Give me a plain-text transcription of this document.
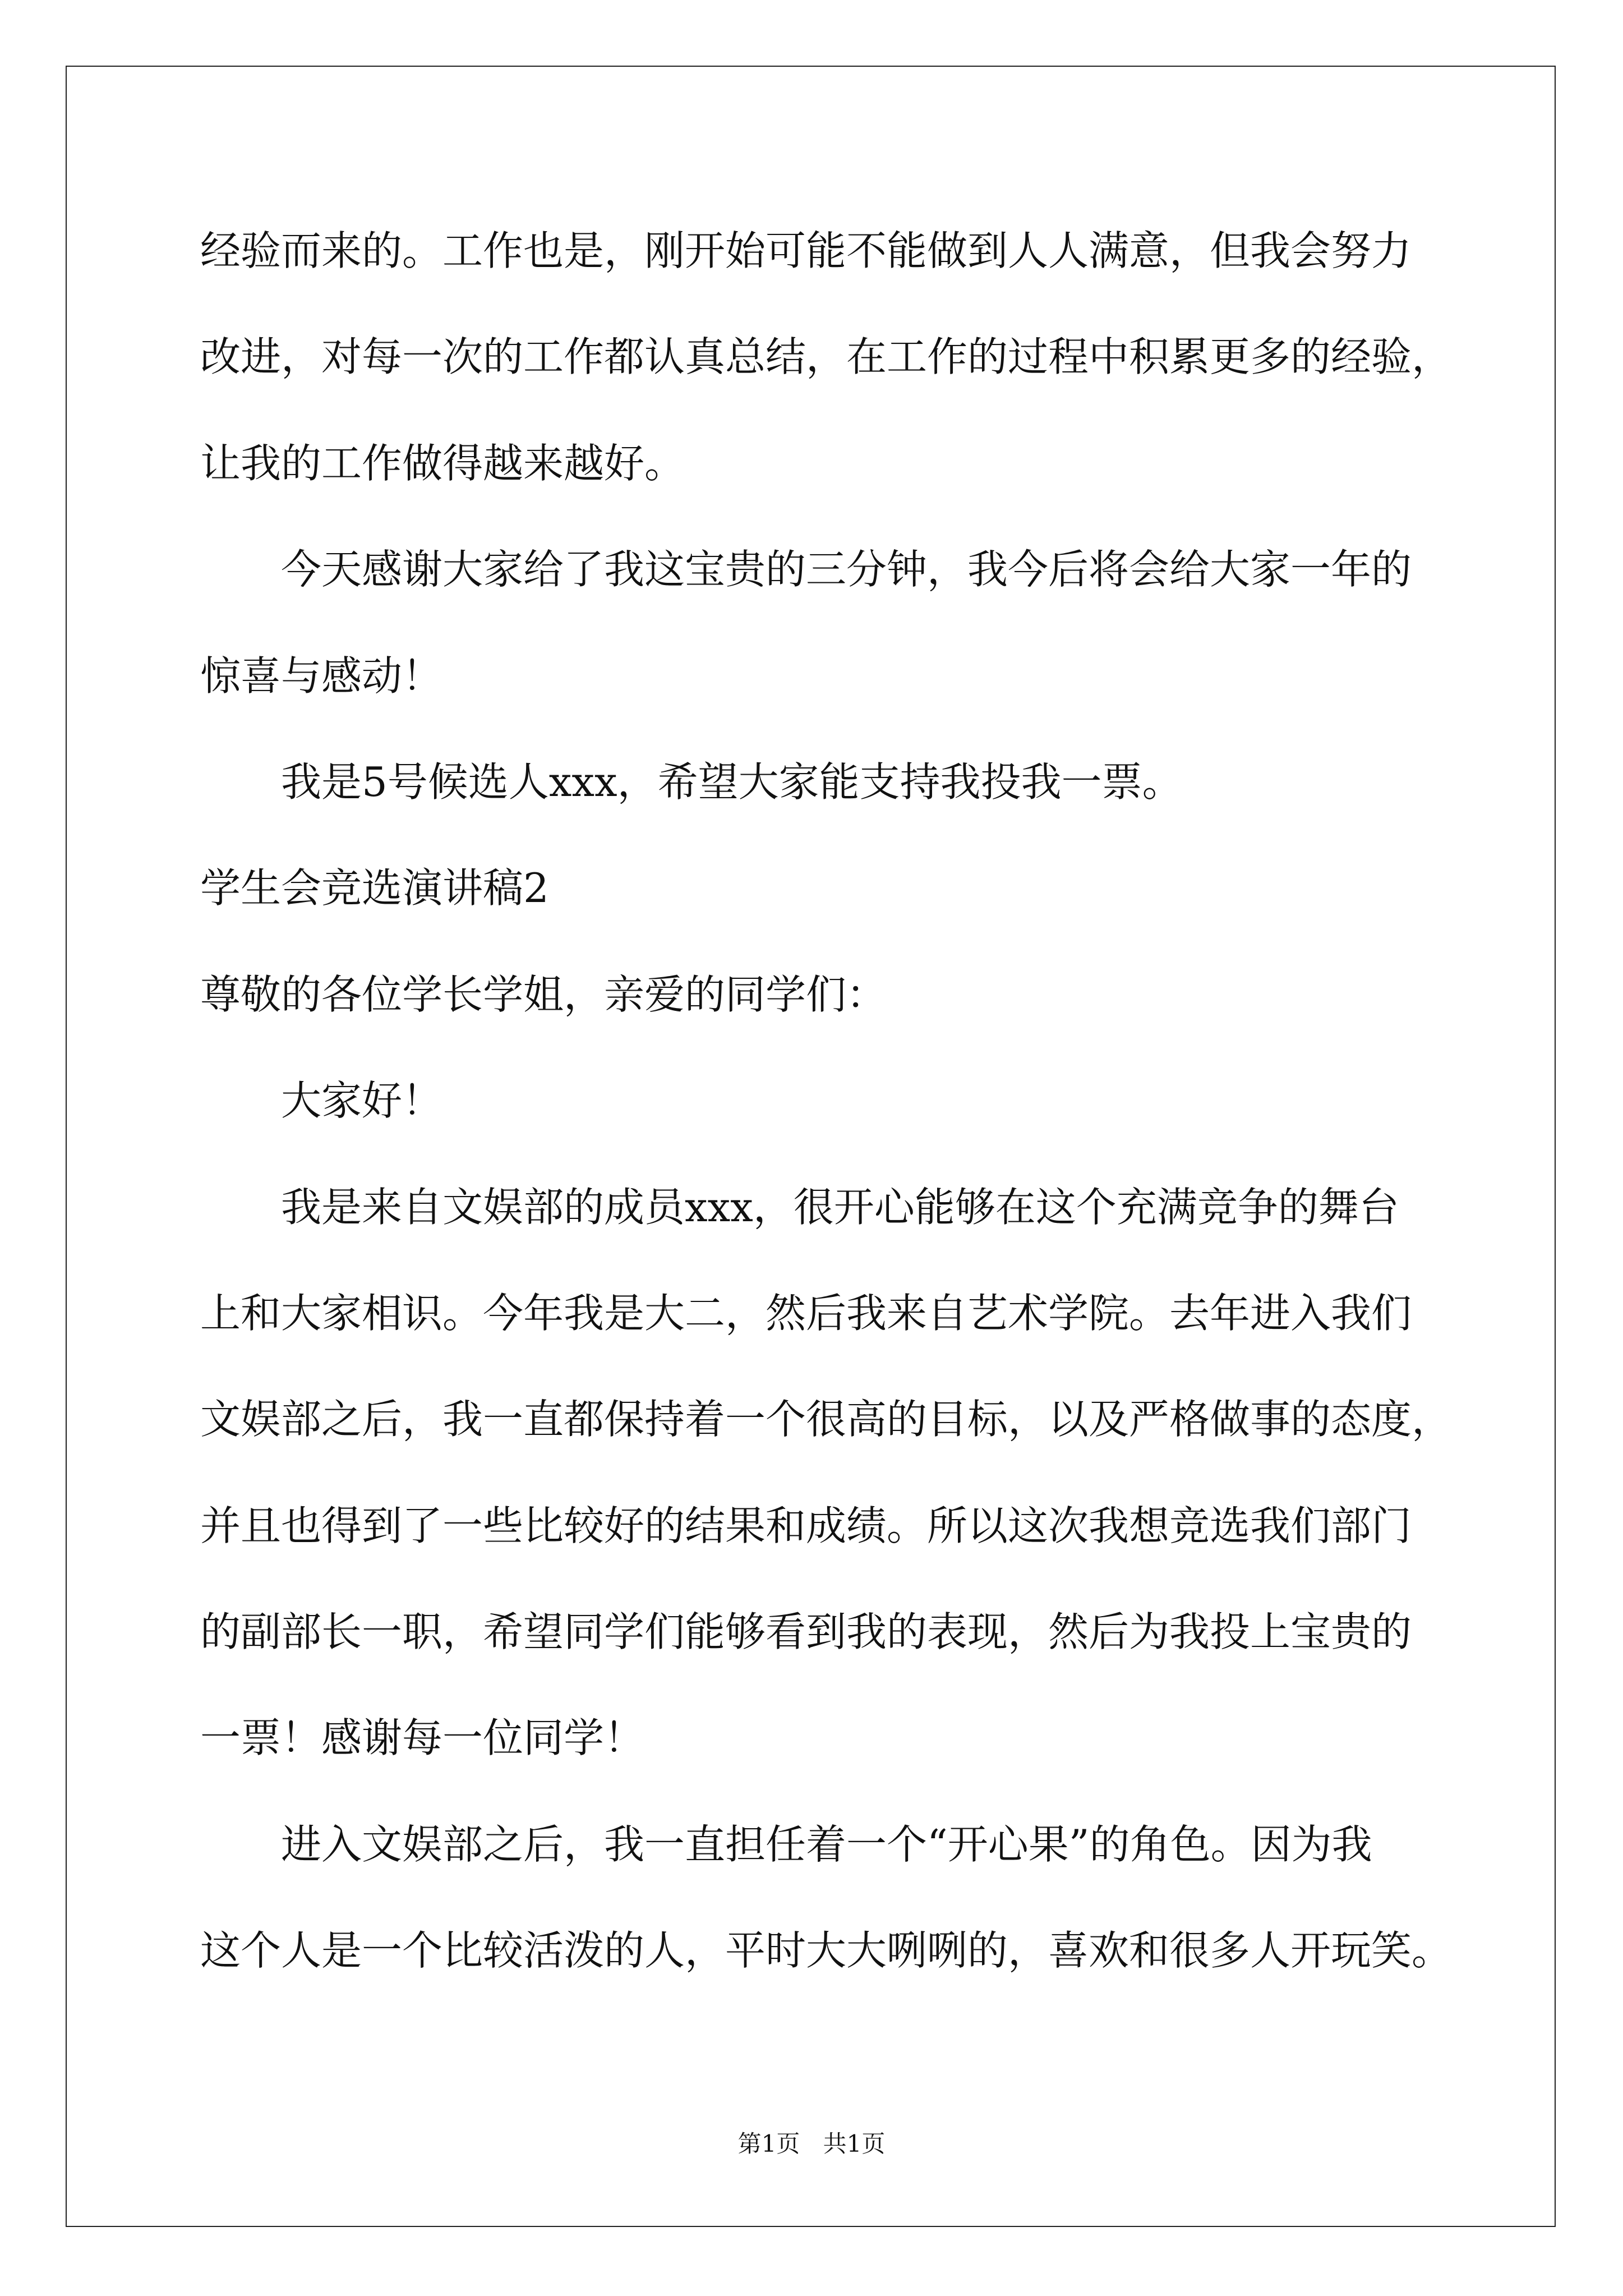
经验而来的。工作也是，刚开始可能不能做到人人满意，但我会努力
改进，对每一次的工作都认真总结，在工作的过程中积累更多的经验，
让我的工作做得越来越好。
今天感谢大家给了我这宝贵的三分钟，我今后将会给大家一年的
惊喜与感动！
我是5号候选人xxx，希望大家能支持我投我一票。
学生会竞选演讲稿2
尊敬的各位学长学姐，亲爱的同学们：
大家好！
我是来自文娱部的成员xxx，很开心能够在这个充满竞争的舞台
上和大家相识。今年我是大二，然后我来自艺术学院。去年进入我们
文娱部之后，我一直都保持着一个很高的目标，以及严格做事的态度，
并且也得到了一些比较好的结果和成绩。所以这次我想竞选我们部门
的副部长一职，希望同学们能够看到我的表现，然后为我投上宝贵的
一票！感谢每一位同学！
进入文娱部之后，我一直担任着一个“开心果”的角色。因为我
这个人是一个比较活泼的人，平时大大咧咧的，喜欢和很多人开玩笑。
第1页 共1页
